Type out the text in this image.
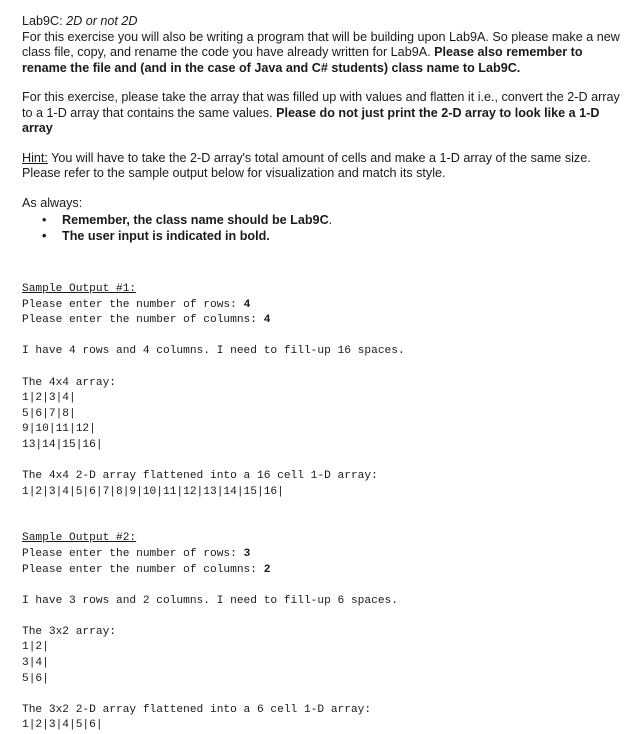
Lab9C: 2D or not 2D

For this exercise you will also be writing a program that will be building upon Lab9A. So please make a new class file, copy, and rename the code you have already written for Lab9A. Please also remember to rename the file and (and in the case of Java and C# students) class name to Lab9C.

For this exercise, please take the array that was filled up with values and flatten it i.e., convert the 2-D array to a 1-D array that contains the same values. Please do not just print the 2-D array to look like a 1-D array

Hint: You will have to take the 2-D array's total amount of cells and make a 1-D array of the same size. Please refer to the sample output below for visualization and match its style.

As always:

• Remember, the class name should be Lab9C.
• The user input is indicated in bold.

Sample Output #1:

Please enter the number of rows: 4

Please enter the number of columns: 4

I have 4 rows and 4 columns. I need to fill-up 16 spaces.

The 4x4 array:

1|2|3|4|

5|6|7|8|

9|10|11|12|

13|14|15|16|

The 4x4 2-D array flattened into a 16 cell 1-D array:

1|2|3|4|5|6|7|8|9|10|11|12|13|14|15|16|

Sample Output #2:

Please enter the number of rows: 3

Please enter the number of columns: 2

I have 3 rows and 2 columns. I need to fill-up 6 spaces.

The 3x2 array:

1|2|

3|4|

5|6|

The 3x2 2-D array flattened into a 6 cell 1-D array:

1|2|3|4|5|6|
